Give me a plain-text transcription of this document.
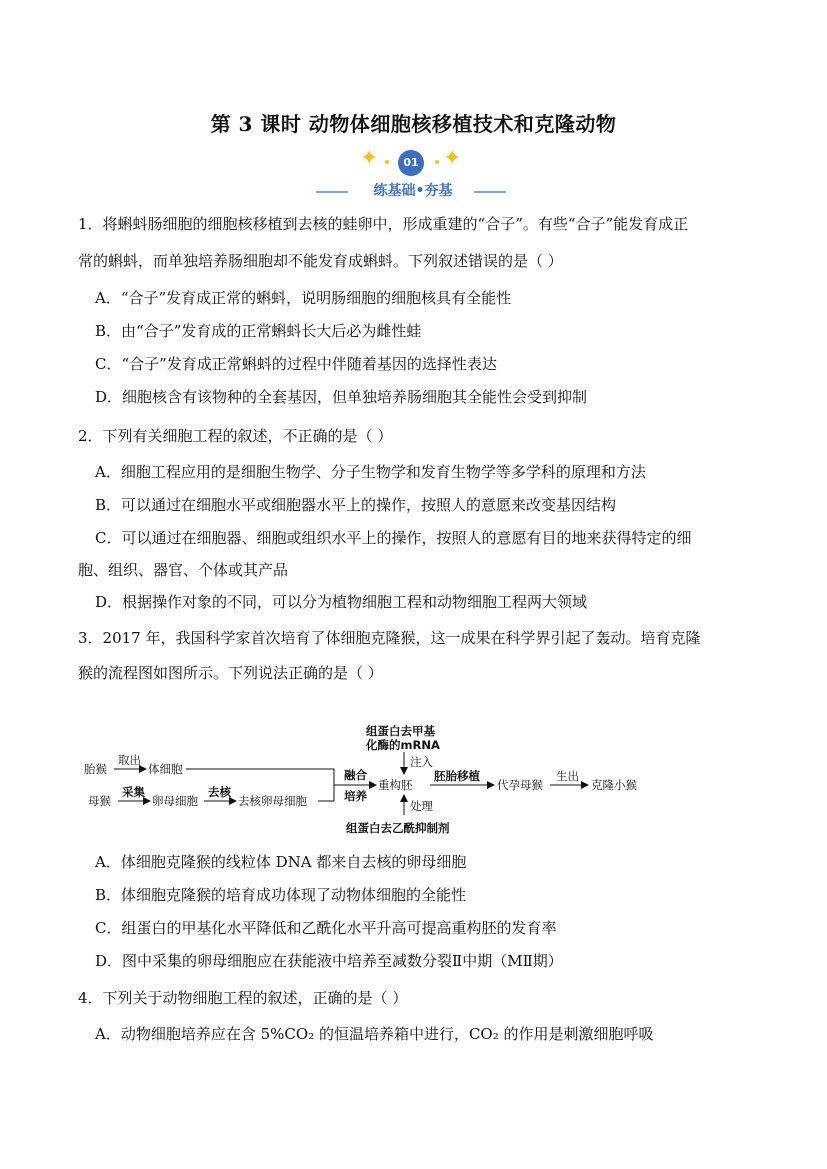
第 3 课时 动物体细胞核移植技术和克隆动物
✦	✦
01
练基础•夯基
1．将蝌蚪肠细胞的细胞核移植到去核的蛙卵中，形成重建的“合子”。有些“合子”能发育成正
常的蝌蚪，而单独培养肠细胞却不能发育成蝌蚪。下列叙述错误的是（ ）
A．“合子”发育成正常的蝌蚪，说明肠细胞的细胞核具有全能性
B．由“合子”发育成的正常蝌蚪长大后必为雌性蛙
C．“合子”发育成正常蝌蚪的过程中伴随着基因的选择性表达
D．细胞核含有该物种的全套基因，但单独培养肠细胞其全能性会受到抑制
2．下列有关细胞工程的叙述，不正确的是（ ）
A．细胞工程应用的是细胞生物学、分子生物学和发育生物学等多学科的原理和方法
B．可以通过在细胞水平或细胞器水平上的操作，按照人的意愿来改变基因结构
C．可以通过在细胞器、细胞或组织水平上的操作，按照人的意愿有目的地来获得特定的细
胞、组织、器官、个体或其产品
D．根据操作对象的不同，可以分为植物细胞工程和动物细胞工程两大领域
3．2017 年，我国科学家首次培育了体细胞克隆猴，这一成果在科学界引起了轰动。培育克隆
猴的流程图如图所示。下列说法正确的是（ ）
胎猴
取出
体细胞
母猴
采集
卵母细胞
去核
去核卵母细胞
融合
培养
重构胚
组蛋白去甲基
化酶的mRNA
注入
处理
组蛋白去乙酰抑制剂
胚胎移植
代孕母猴
生出
克隆小猴
A．体细胞克隆猴的线粒体 DNA 都来自去核的卵母细胞
B．体细胞克隆猴的培育成功体现了动物体细胞的全能性
C．组蛋白的甲基化水平降低和乙酰化水平升高可提高重构胚的发育率
D．图中采集的卵母细胞应在获能液中培养至减数分裂Ⅱ中期（MⅡ期）
4．下列关于动物细胞工程的叙述，正确的是（ ）
A．动物细胞培养应在含 5%CO₂ 的恒温培养箱中进行，CO₂ 的作用是刺激细胞呼吸
